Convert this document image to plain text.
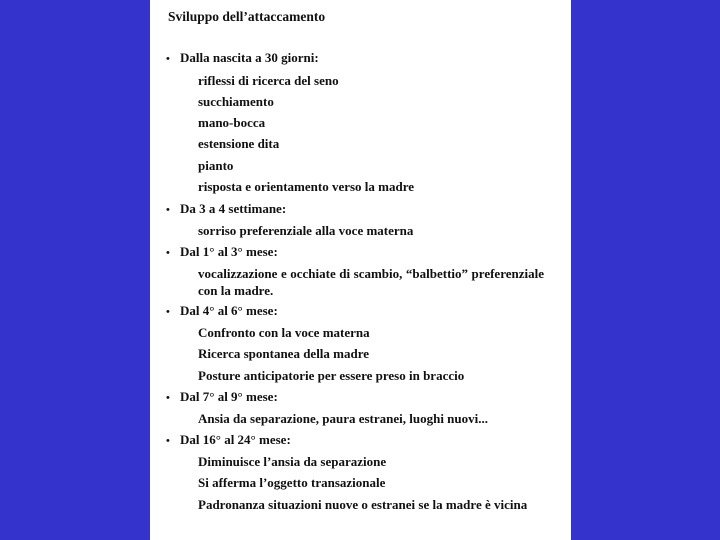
Sviluppo dell’attaccamento
• Dalla nascita a 30 giorni:
riflessi di ricerca del seno
succhiamento
mano-bocca
estensione dita
pianto
risposta e orientamento verso la madre
• Da 3 a 4 settimane:
sorriso preferenziale alla voce materna
• Dal 1° al 3° mese:
vocalizzazione e occhiate di scambio, “balbettio” preferenziale con la madre.
• Dal 4° al 6° mese:
Confronto con la voce materna
Ricerca spontanea della madre
Posture anticipatorie per essere preso in braccio
• Dal 7° al 9° mese:
Ansia da separazione, paura estranei, luoghi nuovi...
• Dal 16° al 24° mese:
Diminuisce l’ansia da separazione
Si afferma l’oggetto transazionale
Padronanza situazioni nuove o estranei se la madre è vicina
